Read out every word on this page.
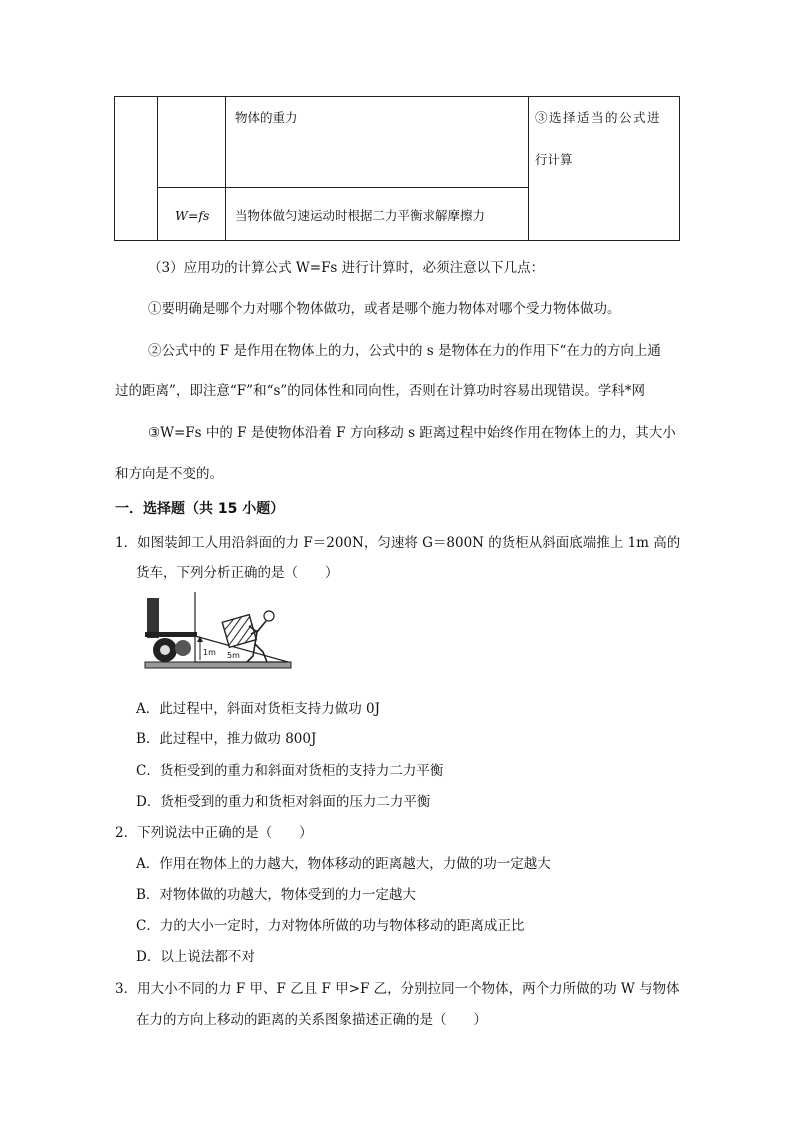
物体的重力
W=fs 当物体做匀速运动时根据二力平衡求解摩擦力
③选择适当的公式进
行计算
（3）应用功的计算公式 W=Fs 进行计算时，必须注意以下几点：
①要明确是哪个力对哪个物体做功，或者是哪个施力物体对哪个受力物体做功。
②公式中的 F 是作用在物体上的力，公式中的 s 是物体在力的作用下“在力的方向上通
过的距离”，即注意“F”和“s”的同体性和同向性，否则在计算功时容易出现错误。学科*网
③W=Fs 中的 F 是使物体沿着 F 方向移动 s 距离过程中始终作用在物体上的力，其大小
和方向是不变的。
一．选择题（共 15 小题）
1．如图装卸工人用沿斜面的力 F＝200N，匀速将 G＝800N 的货柜从斜面底端推上 1m 高的
货车，下列分析正确的是（　　）
1m 5m
A．此过程中，斜面对货柜支持力做功 0J
B．此过程中，推力做功 800J
C．货柜受到的重力和斜面对货柜的支持力二力平衡
D．货柜受到的重力和货柜对斜面的压力二力平衡
2．下列说法中正确的是（　　）
A．作用在物体上的力越大，物体移动的距离越大，力做的功一定越大
B．对物体做的功越大，物体受到的力一定越大
C．力的大小一定时，力对物体所做的功与物体移动的距离成正比
D．以上说法都不对
3．用大小不同的力 F 甲、F 乙且 F 甲>F 乙，分别拉同一个物体，两个力所做的功 W 与物体
在力的方向上移动的距离的关系图象描述正确的是（　　）
